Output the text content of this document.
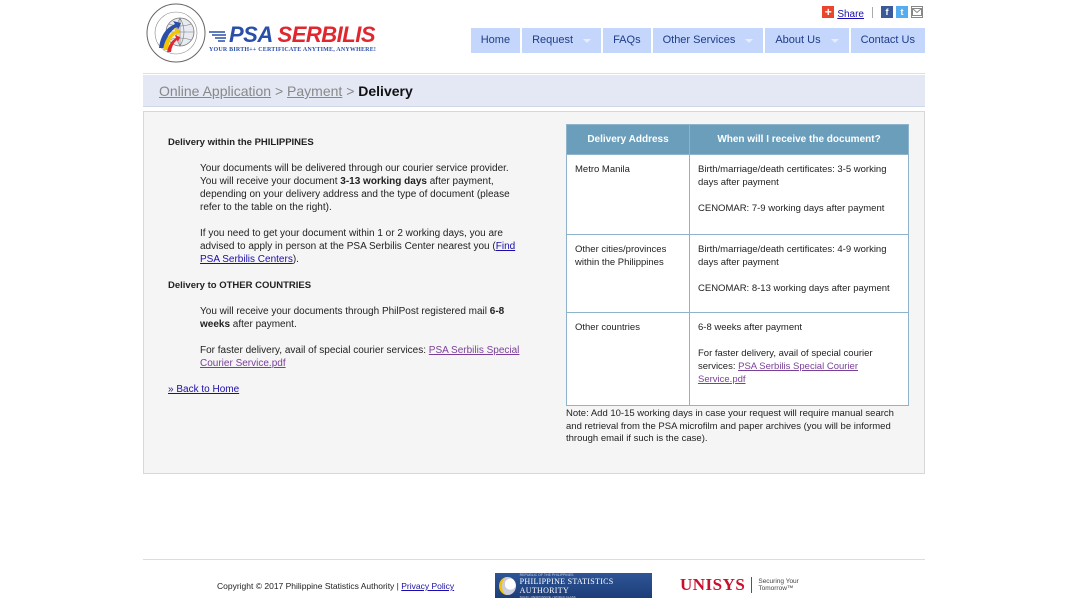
PSA SERBILIS
YOUR BIRTH++ CERTIFICATE ANYTIME, ANYWHERE!
+ Share	f	t
Home Request	FAQs Other Services	About Us	Contact Us
Online Application > Payment > Delivery
Delivery within the PHILIPPINES

Your documents will be delivered through our courier service provider. You will receive your document 3-13 working days after payment, depending on your delivery address and the type of document (please refer to the table on the right).

If you need to get your document within 1 or 2 working days, you are advised to apply in person at the PSA Serbilis Center nearest you (Find PSA Serbilis Centers).

Delivery to OTHER COUNTRIES

You will receive your documents through PhilPost registered mail 6-8 weeks after payment.

For faster delivery, avail of special courier services: PSA Serbilis Special Courier Service.pdf

» Back to Home
Delivery Address	When will I receive the document?
Metro Manila	Birth/marriage/death certificates: 3-5 working days after payment

CENOMAR: 7-9 working days after payment

Other cities/provinces within the Philippines	Birth/marriage/death certificates: 4-9 working days after payment

CENOMAR: 8-13 working days after payment

Other countries	6-8 weeks after payment

For faster delivery, avail of special courier services: PSA Serbilis Special Courier Service.pdf

Note: Add 10-15 working days in case your request will require manual search and retrieval from the PSA microfilm and paper archives (you will be informed through email if such is the case).
Copyright © 2017 Philippine Statistics Authority | Privacy Policy
REPUBLIC OF THE PHILIPPINES
PHILIPPINE STATISTICS AUTHORITY
SOLID • RESPONSIVE • WORLD-CLASS
UNISYS Securing Your
Tomorrow™
